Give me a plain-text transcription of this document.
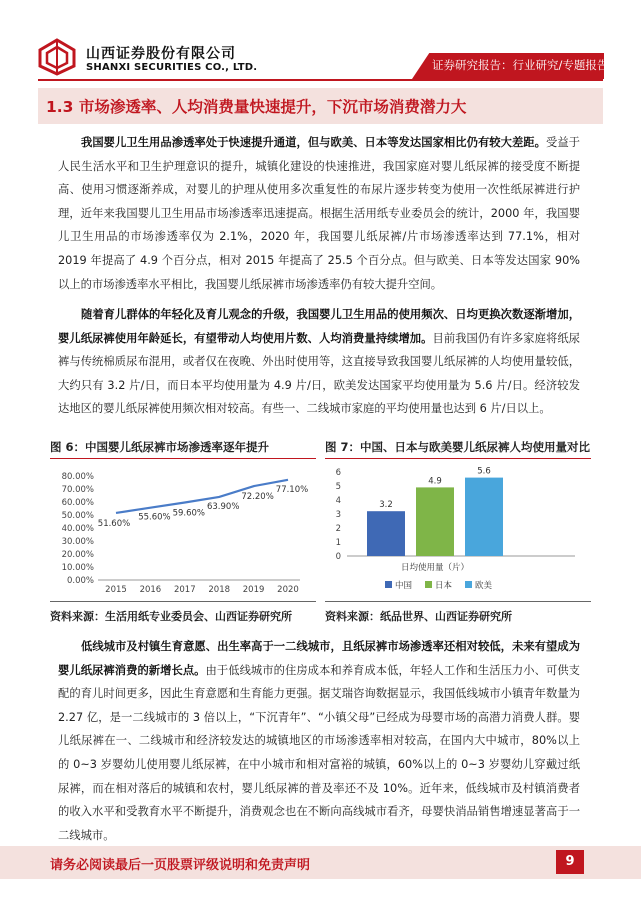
山西证券股份有限公司
SHANXI SECURITIES CO., LTD.	证券研究报告：行业研究/专题报告
1.3 市场渗透率、人均消费量快速提升，下沉市场消费潜力大
我国婴儿卫生用品渗透率处于快速提升通道，但与欧美、日本等发达国家相比仍有较大差距。受益于人民生活水平和卫生护理意识的提升，城镇化建设的快速推进，我国家庭对婴儿纸尿裤的接受度不断提高、使用习惯逐渐养成，对婴儿的护理从使用多次重复性的布尿片逐步转变为使用一次性纸尿裤进行护理，近年来我国婴儿卫生用品市场渗透率迅速提高。根据生活用纸专业委员会的统计，2000 年，我国婴儿卫生用品的市场渗透率仅为 2.1%，2020 年，我国婴儿纸尿裤/片市场渗透率达到 77.1%，相对 2019 年提高了 4.9 个百分点，相对 2015 年提高了 25.5 个百分点。但与欧美、日本等发达国家 90%以上的市场渗透率水平相比，我国婴儿纸尿裤市场渗透率仍有较大提升空间。
随着育儿群体的年轻化及育儿观念的升级，我国婴儿卫生用品的使用频次、日均更换次数逐渐增加，婴儿纸尿裤使用年龄延长，有望带动人均使用片数、人均消费量持续增加。目前我国仍有许多家庭将纸尿裤与传统棉质尿布混用，或者仅在夜晚、外出时使用等，这直接导致我国婴儿纸尿裤的人均使用量较低，大约只有 3.2 片/日，而日本平均使用量为 4.9 片/日，欧美发达国家平均使用量为 5.6 片/日。经济较发达地区的婴儿纸尿裤使用频次相对较高。有些一、二线城市家庭的平均使用量也达到 6 片/日以上。
图 6：中国婴儿纸尿裤市场渗透率逐年提升
80.00%
70.00%
60.00%
50.00%
40.00%
30.00%
20.00%
10.00%
0.00%
2015 2016 2017 2018 2019 2020
51.60%
55.60% 59.60%
63.90%
72.20%
77.10%
资料来源：生活用纸专业委员会、山西证券研究所
图 7：中国、日本与欧美婴儿纸尿裤人均使用量对比
6
5
4
3
2
1
0
3.2
4.9
5.6
日均使用量（片）
中国	日本	欧美
资料来源：纸品世界、山西证券研究所
低线城市及村镇生育意愿、出生率高于一二线城市，且纸尿裤市场渗透率还相对较低，未来有望成为婴儿纸尿裤消费的新增长点。由于低线城市的住房成本和养育成本低，年轻人工作和生活压力小、可供支配的育儿时间更多，因此生育意愿和生育能力更强。据艾瑞咨询数据显示，我国低线城市小镇青年数量为 2.27 亿，是一二线城市的 3 倍以上，“下沉青年”、“小镇父母”已经成为母婴市场的高潜力消费人群。婴儿纸尿裤在一、二线城市和经济较发达的城镇地区的市场渗透率相对较高，在国内大中城市，80%以上的 0~3 岁婴幼儿使用婴儿纸尿裤，在中小城市和相对富裕的城镇，60%以上的 0~3 岁婴幼儿穿戴过纸尿裤，而在相对落后的城镇和农村，婴儿纸尿裤的普及率还不及 10%。近年来，低线城市及村镇消费者的收入水平和受教育水平不断提升，消费观念也在不断向高线城市看齐，母婴快消品销售增速显著高于一二线城市。
请务必阅读最后一页股票评级说明和免责声明	9
